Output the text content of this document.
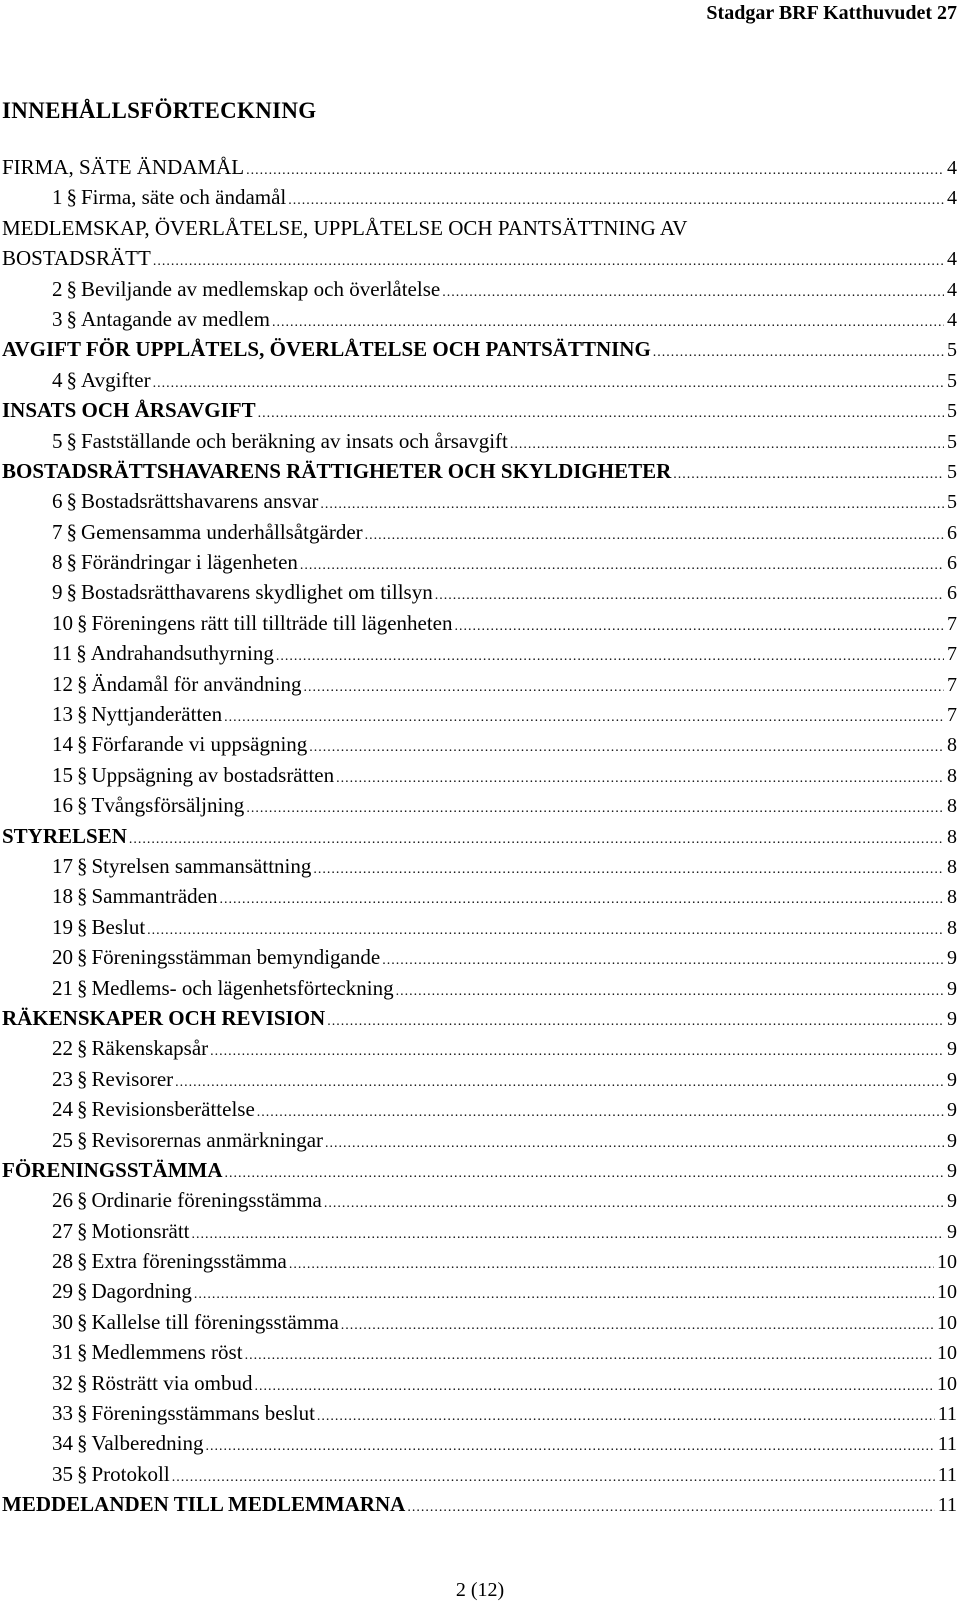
Stadgar BRF Katthuvudet 27
INNEHÅLLSFÖRTECKNING
FIRMA, SÄTE ÄNDAMÅL .....	4
1 § Firma, säte och ändamål .....	4
MEDLEMSKAP, ÖVERLÅTELSE, UPPLÅTELSE OCH PANTSÄTTNING AV
BOSTADSRÄTT .....	4
2 § Beviljande av medlemskap och överlåtelse .....	4
3 § Antagande av medlem .....	4
AVGIFT FÖR UPPLÅTELS, ÖVERLÅTELSE OCH PANTSÄTTNING .....	5
4 § Avgifter .....	5
INSATS OCH ÅRSAVGIFT .....	5
5 § Fastställande och beräkning av insats och årsavgift .....	5
BOSTADSRÄTTSHAVARENS RÄTTIGHETER OCH SKYLDIGHETER .....	5
6 § Bostadsrättshavarens ansvar .....	5
7 § Gemensamma underhållsåtgärder .....	6
8 § Förändringar i lägenheten .....	6
9 § Bostadsrätthavarens skydlighet om tillsyn .....	6
10 § Föreningens rätt till tillträde till lägenheten .....	7
11 § Andrahandsuthyrning .....	7
12 § Ändamål för användning .....	7
13 § Nyttjanderätten .....	7
14 § Förfarande vi uppsägning .....	8
15 § Uppsägning av bostadsrätten .....	8
16 § Tvångsförsäljning .....	8
STYRELSEN .....	8
17 § Styrelsen sammansättning .....	8
18 § Sammanträden .....	8
19 § Beslut .....	8
20 § Föreningsstämman bemyndigande .....	9
21 § Medlems- och lägenhetsförteckning .....	9
RÄKENSKAPER OCH REVISION .....	9
22 § Räkenskapsår .....	9
23 § Revisorer .....	9
24 § Revisionsberättelse .....	9
25 § Revisorernas anmärkningar .....	9
FÖRENINGSSTÄMMA .....	9
26 § Ordinarie föreningsstämma .....	9
27 § Motionsrätt .....	9
28 § Extra föreningsstämma .....	10
29 § Dagordning .....	10
30 § Kallelse till föreningsstämma .....	10
31 § Medlemmens röst .....	10
32 § Rösträtt via ombud .....	10
33 § Föreningsstämmans beslut .....	11
34 § Valberedning .....	11
35 § Protokoll .....	11
MEDDELANDEN TILL MEDLEMMARNA .....	11
2 (12)
